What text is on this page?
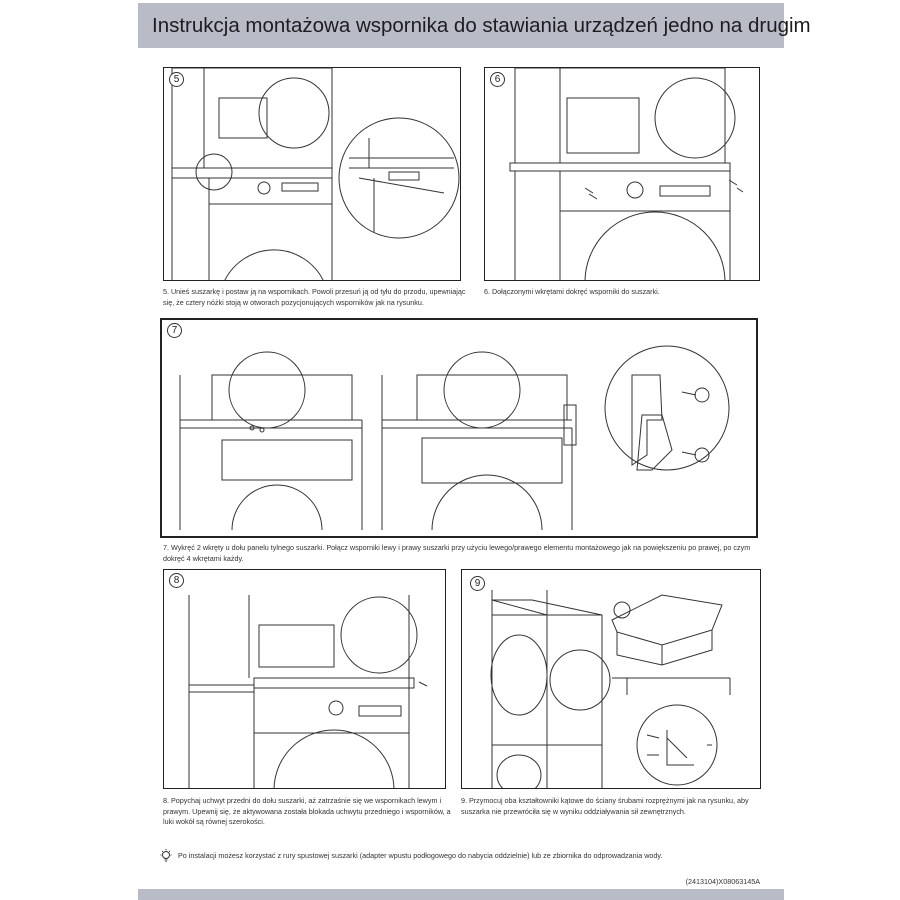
Instrukcja montażowa wspornika do stawiania urządzeń jedno na drugim
5
5. Unieś suszarkę i postaw ją na wspornikach. Powoli przesuń ją od tyłu do przodu, upewniając się, że cztery nóżki stoją w otworach pozycjonujących wsporników jak na rysunku.
6
6. Dołączonymi wkrętami dokręć wsporniki do suszarki.
7
7. Wykręć 2 wkręty u dołu panelu tylnego suszarki. Połącz wsporniki lewy i prawy suszarki przy użyciu lewego/prawego elementu montażowego jak na powiększeniu po prawej, po czym dokręć 4 wkrętami każdy.
8
8. Popychaj uchwyt przedni do dołu suszarki, aż zatrzaśnie się we wspornikach lewym i prawym. Upewnij się, że aktywowana została blokada uchwytu przedniego i wsporników, a luki wokół są równej szerokości.
9
9. Przymocuj oba kształtowniki kątowe do ściany śrubami rozprężnymi jak na rysunku, aby suszarka nie przewróciła się w wyniku oddziaływania sił zewnętrznych.
Po instalacji możesz korzystać z rury spustowej suszarki (adapter wpustu podłogowego do nabycia oddzielnie) lub ze zbiornika do odprowadzania wody.
(2413104)X08063145A
